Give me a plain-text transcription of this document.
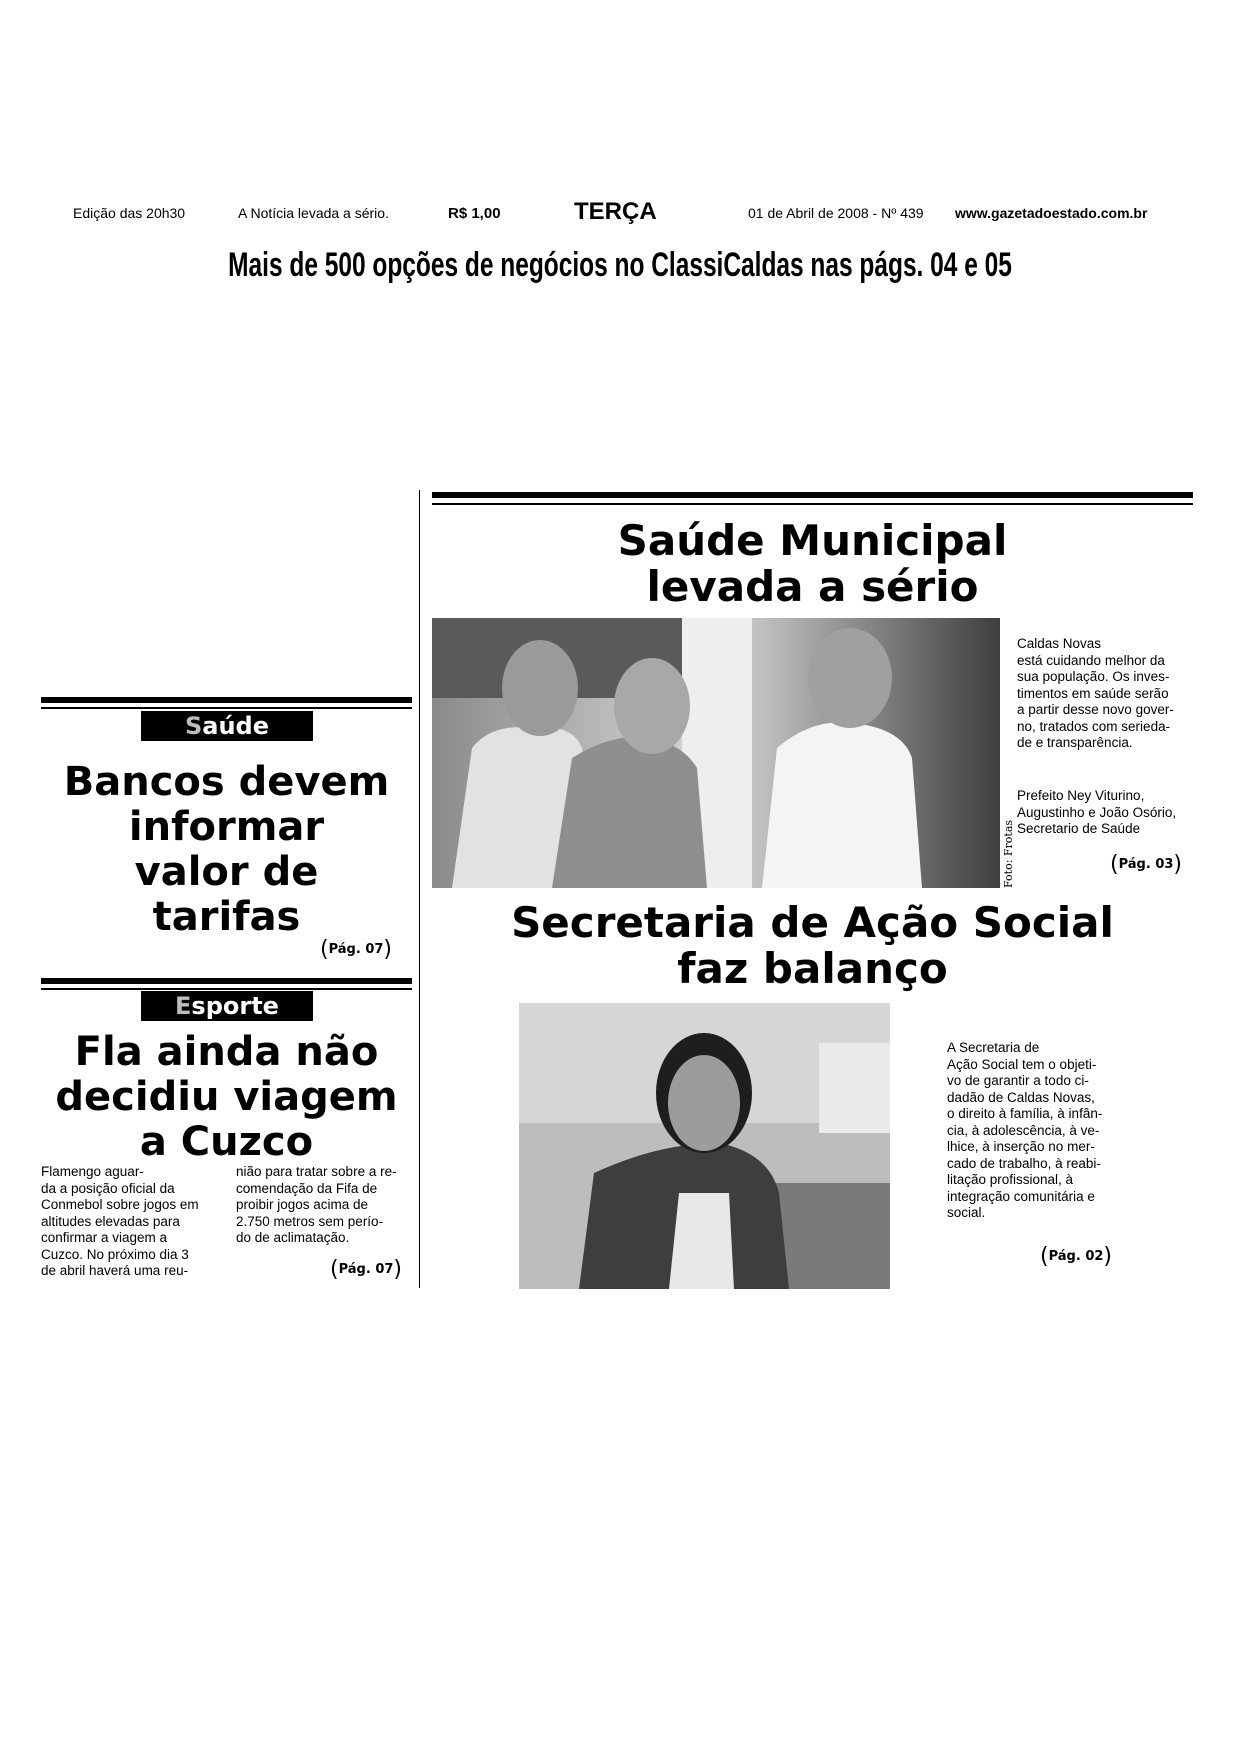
Edição das 20h30	A Notícia levada a sério.	R$ 1,00	TERÇA	01 de Abril de 2008 - Nº 439 www.gazetadoestado.com.br
Mais de 500 opções de negócios no ClassiCaldas nas págs. 04 e 05
Saúde
Bancos devem
informar
valor de
tarifas
(Pág. 07)
Esporte
Fla ainda não
decidiu viagem
a Cuzco
Flamengo aguar-
da a posição oficial da
Conmebol sobre jogos em
altitudes elevadas para
confirmar a viagem a
Cuzco. No próximo dia 3
de abril haverá uma reu-
nião para tratar sobre a re-
comendação da Fifa de
proibir jogos acima de
2.750 metros sem perío-
do de aclimatação.
(Pág. 07)
Saúde Municipal
levada a sério
Foto: Frotas
Caldas Novas
está cuidando melhor da
sua população. Os inves-
timentos em saúde serão
a partir desse novo gover-
no, tratados com seriеda-
de e transparência.
Prefeito Ney Viturino,
Augustinho e João Osório,
Secretario de Saúde
(Pág. 03)
Secretaria de Ação Social
faz balanço
A Secretaria de
Ação Social tem o objeti-
vo de garantir a todo ci-
dadão de Caldas Novas,
o direito à família, à infân-
cia, à adolescência, à ve-
lhice, à inserção no mer-
cado de trabalho, à reabi-
litação profissional, à
integração comunitária e
social.
(Pág. 02)
